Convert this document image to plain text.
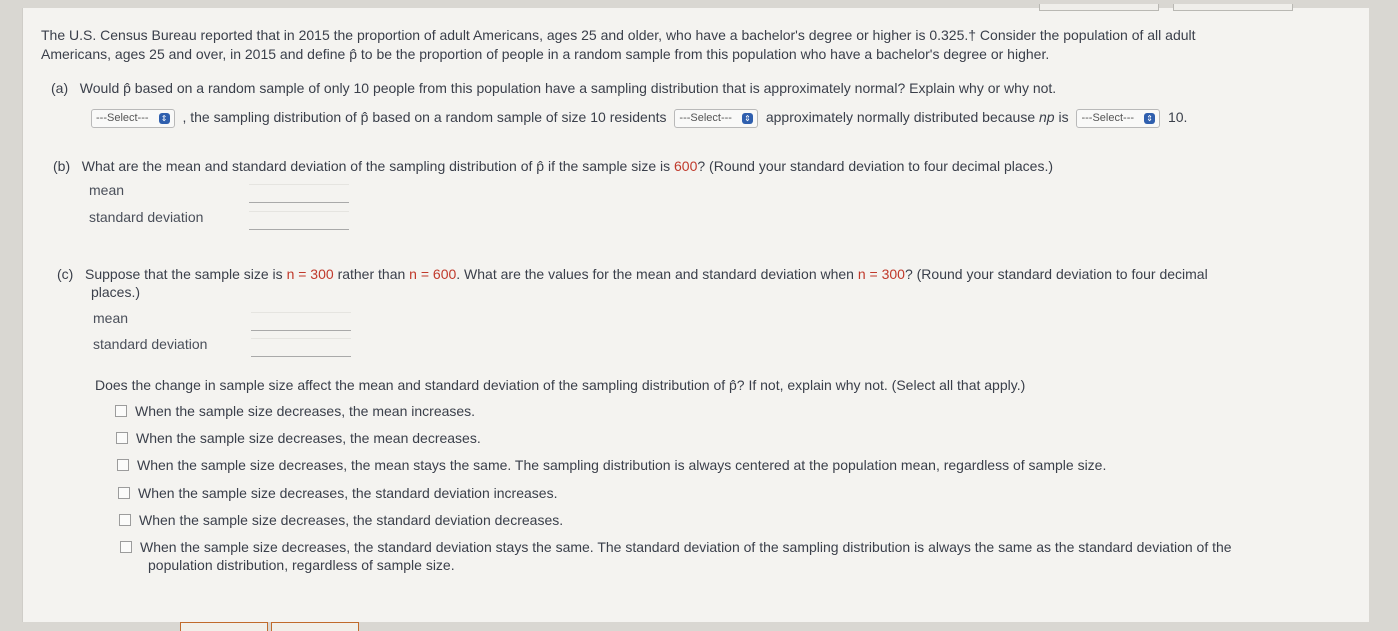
The U.S. Census Bureau reported that in 2015 the proportion of adult Americans, ages 25 and older, who have a bachelor's degree or higher is 0.325.† Consider the population of all adult
Americans, ages 25 and over, in 2015 and define p̂ to be the proportion of people in a random sample from this population who have a bachelor's degree or higher.
(a) Would p̂ based on a random sample of only 10 people from this population have a sampling distribution that is approximately normal? Explain why or why not.
---Select--- ⇕ , the sampling distribution of p̂ based on a random sample of size 10 residents ---Select--- ⇕ approximately normally distributed because np is ---Select--- ⇕ 10.
(b) What are the mean and standard deviation of the sampling distribution of p̂ if the sample size is 600? (Round your standard deviation to four decimal places.)
mean
standard deviation
(c) Suppose that the sample size is n = 300 rather than n = 600. What are the values for the mean and standard deviation when n = 300? (Round your standard deviation to four decimal
places.)
mean
standard deviation
Does the change in sample size affect the mean and standard deviation of the sampling distribution of p̂? If not, explain why not. (Select all that apply.)
When the sample size decreases, the mean increases.
When the sample size decreases, the mean decreases.
When the sample size decreases, the mean stays the same. The sampling distribution is always centered at the population mean, regardless of sample size.
When the sample size decreases, the standard deviation increases.
When the sample size decreases, the standard deviation decreases.
When the sample size decreases, the standard deviation stays the same. The standard deviation of the sampling distribution is always the same as the standard deviation of the
population distribution, regardless of sample size.
